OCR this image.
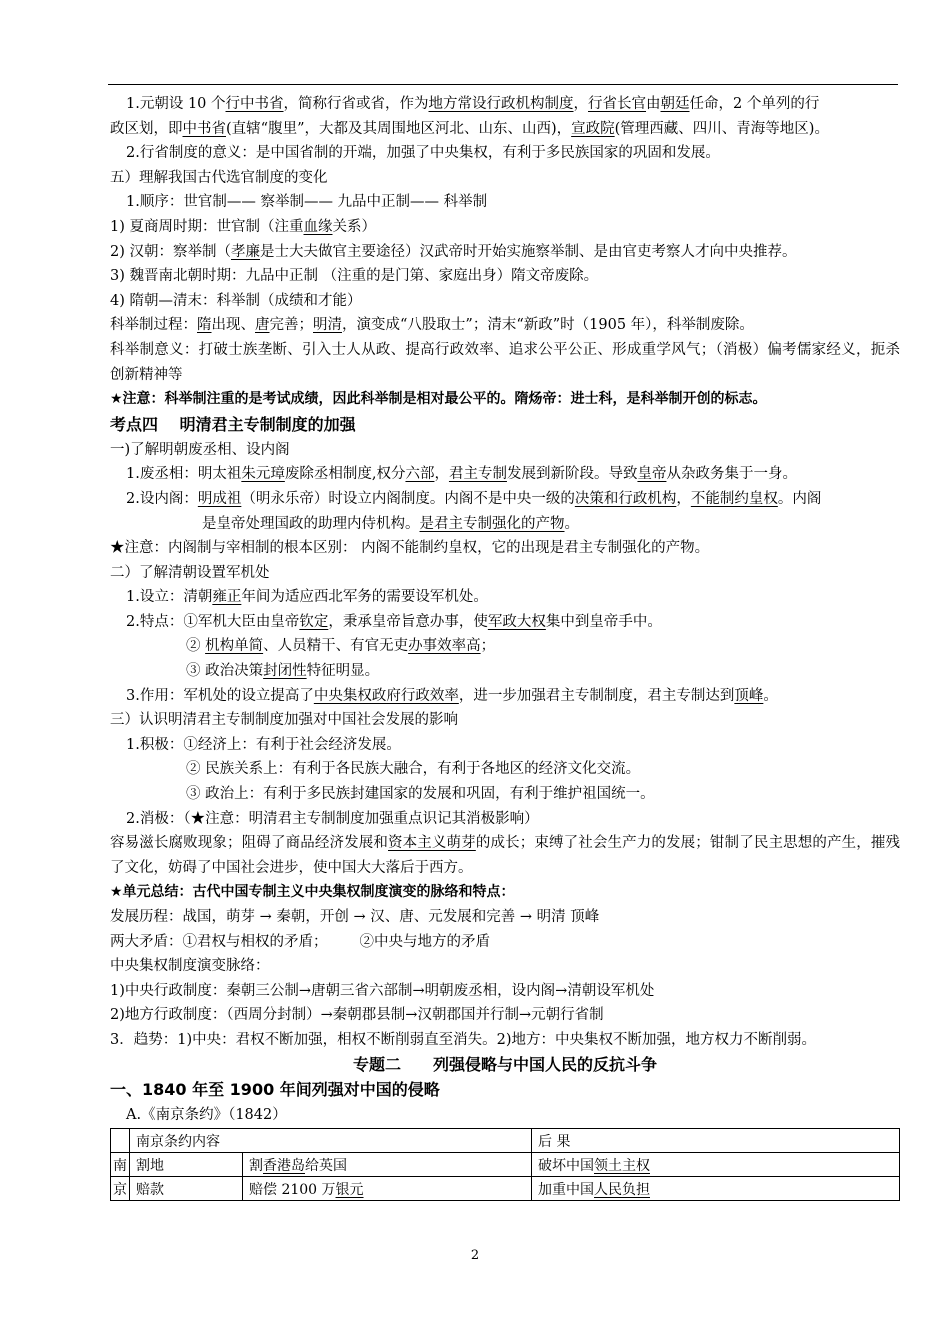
1.元朝设 10 个行中书省，简称行省或省，作为地方常设行政机构制度，行省长官由朝廷任命，2 个单列的行

政区划，即中书省(直辖“腹里”，大都及其周围地区河北、山东、山西)，宣政院(管理西藏、四川、青海等地区)。

2.行省制度的意义：是中国省制的开端，加强了中央集权，有利于多民族国家的巩固和发展。

五）理解我国古代选官制度的变化

1.顺序：世官制—— 察举制—— 九品中正制—— 科举制

1) 夏商周时期：世官制（注重血缘关系）

2) 汉朝：察举制（孝廉是士大夫做官主要途径）汉武帝时开始实施察举制、是由官吏考察人才向中央推荐。

3) 魏晋南北朝时期：九品中正制 （注重的是门第、家庭出身）隋文帝废除。

4) 隋朝—清末：科举制（成绩和才能）

科举制过程：隋出现、唐完善；明清，演变成“八股取士”；清末“新政”时（1905 年），科举制废除。

科举制意义：打破士族垄断、引入士人从政、提高行政效率、追求公平公正、形成重学风气；（消极）偏考儒家经义，扼杀创新精神等

★注意：科举制注重的是考试成绩，因此科举制是相对最公平的。隋炀帝：进士科，是科举制开创的标志。

考点四　 明清君主专制制度的加强

一)了解明朝废丞相、设内阁

1.废丞相：明太祖朱元璋废除丞相制度,权分六部，君主专制发展到新阶段。导致皇帝从杂政务集于一身。

2.设内阁：明成祖（明永乐帝）时设立内阁制度。内阁不是中央一级的决策和行政机构，不能制约皇权。内阁

是皇帝处理国政的助理内侍机构。是君主专制强化的产物。

★注意：内阁制与宰相制的根本区别： 内阁不能制约皇权，它的出现是君主专制强化的产物。

二）了解清朝设置军机处

1.设立：清朝雍正年间为适应西北军务的需要设军机处。

2.特点：①军机大臣由皇帝钦定，秉承皇帝旨意办事，使军政大权集中到皇帝手中。

② 机构单简、人员精干、有官无吏办事效率高；

③ 政治决策封闭性特征明显。

3.作用：军机处的设立提高了中央集权政府行政效率，进一步加强君主专制制度，君主专制达到顶峰。

三）认识明清君主专制制度加强对中国社会发展的影响

1.积极：①经济上：有利于社会经济发展。

② 民族关系上：有利于各民族大融合，有利于各地区的经济文化交流。

③ 政治上：有利于多民族封建国家的发展和巩固，有利于维护祖国统一。

2.消极：（★注意：明清君主专制制度加强重点识记其消极影响）

容易滋长腐败现象；阻碍了商品经济发展和资本主义萌芽的成长；束缚了社会生产力的发展；钳制了民主思想的产生，摧残了文化，妨碍了中国社会进步，使中国大大落后于西方。

★单元总结：古代中国专制主义中央集权制度演变的脉络和特点：

发展历程：战国，萌芽 → 秦朝，开创 → 汉、唐、元发展和完善 → 明清 顶峰

两大矛盾：①君权与相权的矛盾； ②中央与地方的矛盾

中央集权制度演变脉络：

1)中央行政制度：秦朝三公制→唐朝三省六部制→明朝废丞相，设内阁→清朝设军机处

2)地方行政制度：（西周分封制）→秦朝郡县制→汉朝郡国并行制→元朝行省制

3．趋势：1)中央：君权不断加强，相权不断削弱直至消失。2)地方：中央集权不断加强，地方权力不断削弱。

专题二　　列强侵略与中国人民的反抗斗争

一、1840 年至 1900 年间列强对中国的侵略

A.《南京条约》（1842）

	南京条约内容		后 果
南	割地	割香港岛给英国	破坏中国领土主权
京	赔款	赔偿 2100 万银元	加重中国人民负担
2
